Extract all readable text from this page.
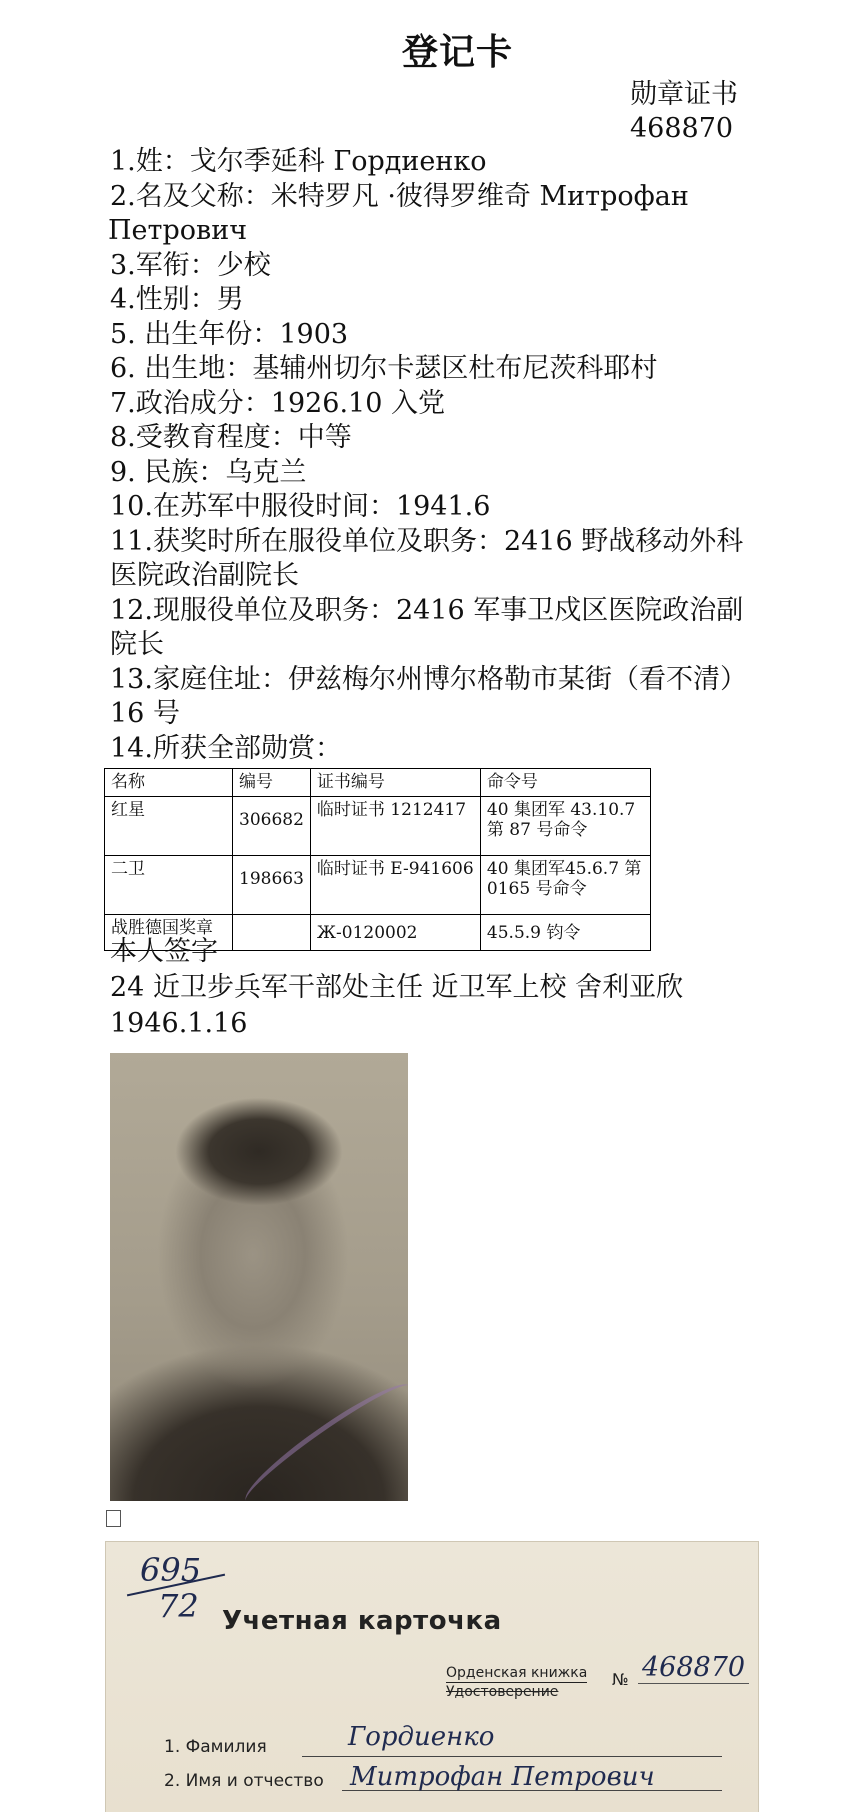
登记卡
勋章证书
468870
1.姓：戈尔季延科 Гордиенко
2.名及父称：米特罗凡 ·彼得罗维奇 Митрофан
Петрович
3.军衔：少校
4.性别：男
5. 出生年份：1903
6. 出生地：基辅州切尔卡瑟区杜布尼茨科耶村
7.政治成分：1926.10 入党
8.受教育程度：中等
9. 民族：乌克兰
10.在苏军中服役时间：1941.6
11.获奖时所在服役单位及职务：2416 野战移动外科医院政治副院长
12.现服役单位及职务：2416 军事卫戍区医院政治副院长
13.家庭住址：伊兹梅尔州博尔格勒市某街（看不清）16 号
14.所获全部勋赏：
名称	编号	证书编号	命令号
红星	306682	临时证书 1212417	40 集团军 43.10.7 第 87 号命令
二卫	198663	临时证书 E-941606	40 集团军45.6.7 第 0165 号命令
战胜德国奖章		Ж-0120002	45.5.9 钧令
本人签字
24 近卫步兵军干部处主任 近卫军上校 舍利亚欣
1946.1.16
695
72 Учетная карточка
Орденская книжка
Удостоверение
№ 468870
1. Фамилия	Гордиенко
2. Имя и отчество Митрофан Петрович
